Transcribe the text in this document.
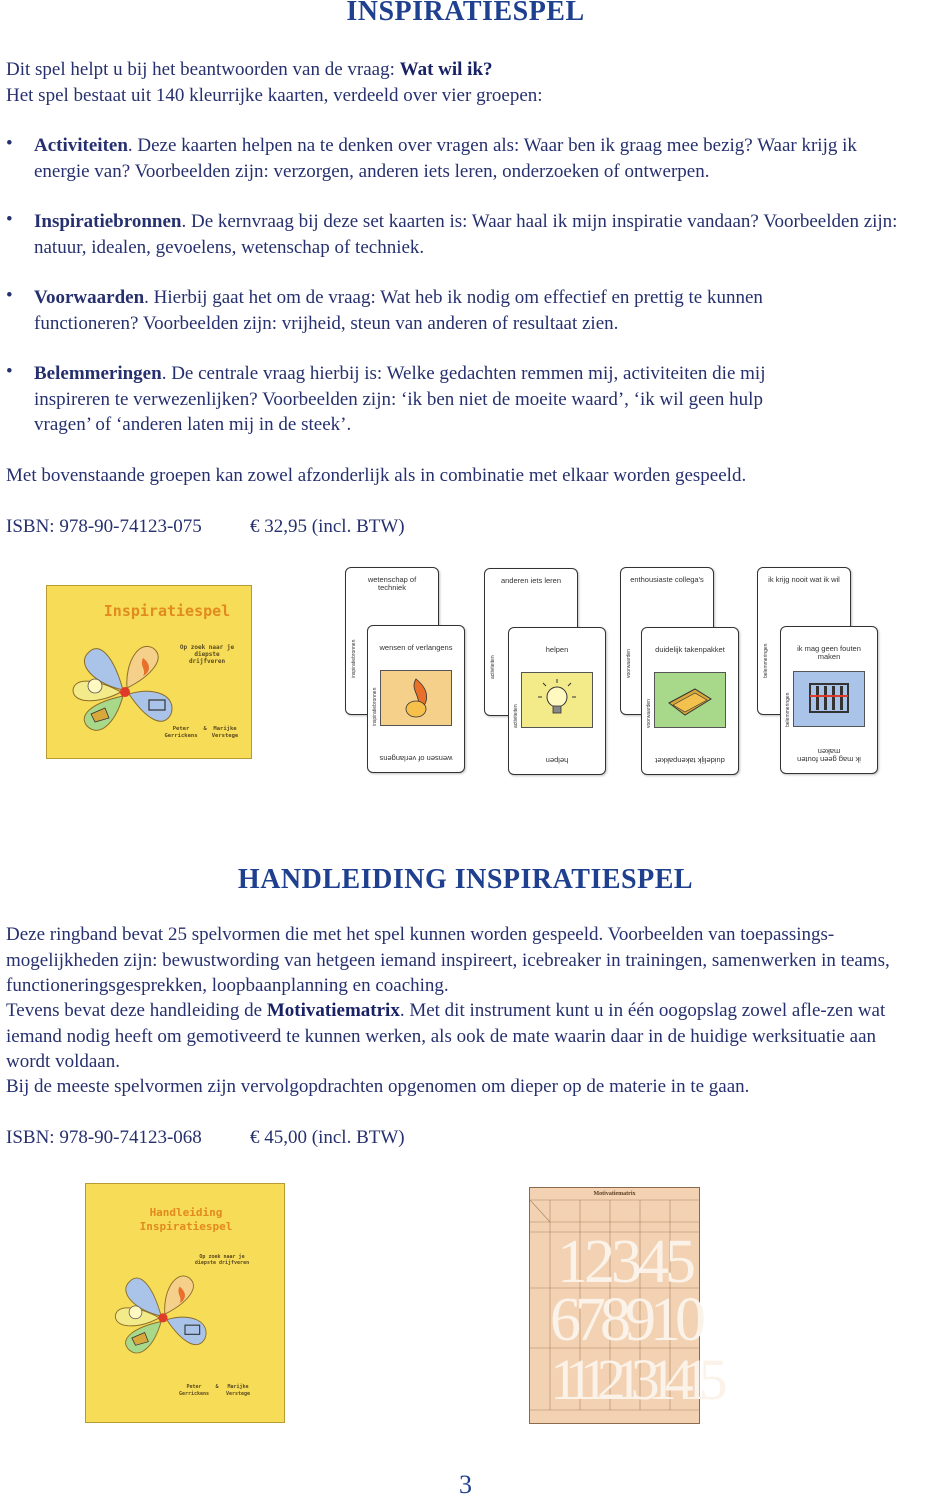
INSPIRATIESPEL
Dit spel helpt u bij het beantwoorden van de vraag: Wat wil ik?
Het spel bestaat uit 140 kleurrijke kaarten, verdeeld over vier groepen:
• Activiteiten. Deze kaarten helpen na te denken over vragen als: Waar ben ik graag mee bezig? Waar krijg ik energie van? Voorbeelden zijn: verzorgen, anderen iets leren, onderzoeken of ontwerpen.
• Inspiratiebronnen. De kernvraag bij deze set kaarten is: Waar haal ik mijn inspiratie vandaan? Voorbeelden zijn: natuur, idealen, gevoelens, wetenschap of techniek.
• Voorwaarden. Hierbij gaat het om de vraag: Wat heb ik nodig om effectief en prettig te kunnen functioneren? Voorbeelden zijn: vrijheid, steun van anderen of resultaat zien.
• Belemmeringen. De centrale vraag hierbij is: Welke gedachten remmen mij, activiteiten die mij inspireren te verwezenlijken? Voorbeelden zijn: ‘ik ben niet de moeite waard’, ‘ik wil geen hulp vragen’ of ‘anderen laten mij in de steek’.
Met bovenstaande groepen kan zowel afzonderlijk als in combinatie met elkaar worden gespeeld.
ISBN: 978-90-74123-075	€ 32,95 (incl. BTW)
Inspiratiespel
Op zoek naar je diepste drijfveren
Peter Gerrickens
&	Marijke Verstege
wetenschap of techniek
inspiratiebronnen	wensen of verlangens
wensen of verlangens
inspiratiebronnen
anderen iets leren
activiteiten
helpen
helpen
activiteiten
enthousiaste collega's
voorwaarden	duidelijk takenpakket
duidelijk takenpakket
voorwaarden
ik krijg nooit wat ik wil
belemmeringen	ik mag geen fouten maken
ik mag geen fouten maken
belemmeringen
HANDLEIDING INSPIRATIESPEL
Deze ringband bevat 25 spelvormen die met het spel kunnen worden gespeeld. Voorbeelden van toepassings-mogelijkheden zijn: bewustwording van hetgeen iemand inspireert, icebreaker in trainingen, samenwerken in teams, functioneringsgesprekken, loopbaanplanning en coaching.
Tevens bevat deze handleiding de Motivatiematrix. Met dit instrument kunt u in één oogopslag zowel afle-zen wat iemand nodig heeft om gemotiveerd te kunnen werken, als ook de mate waarin daar in de huidige werksituatie aan wordt voldaan.
Bij de meeste spelvormen zijn vervolgopdrachten opgenomen om dieper op de materie in te gaan.
ISBN: 978-90-74123-068	€ 45,00 (incl. BTW)
Handleiding
Inspiratiespel
Op zoek naar je diepste drijfveren
Peter Gerrickens
&	Marijke Verstege
Motivatiematrix
12345
678910
1112131415
3
